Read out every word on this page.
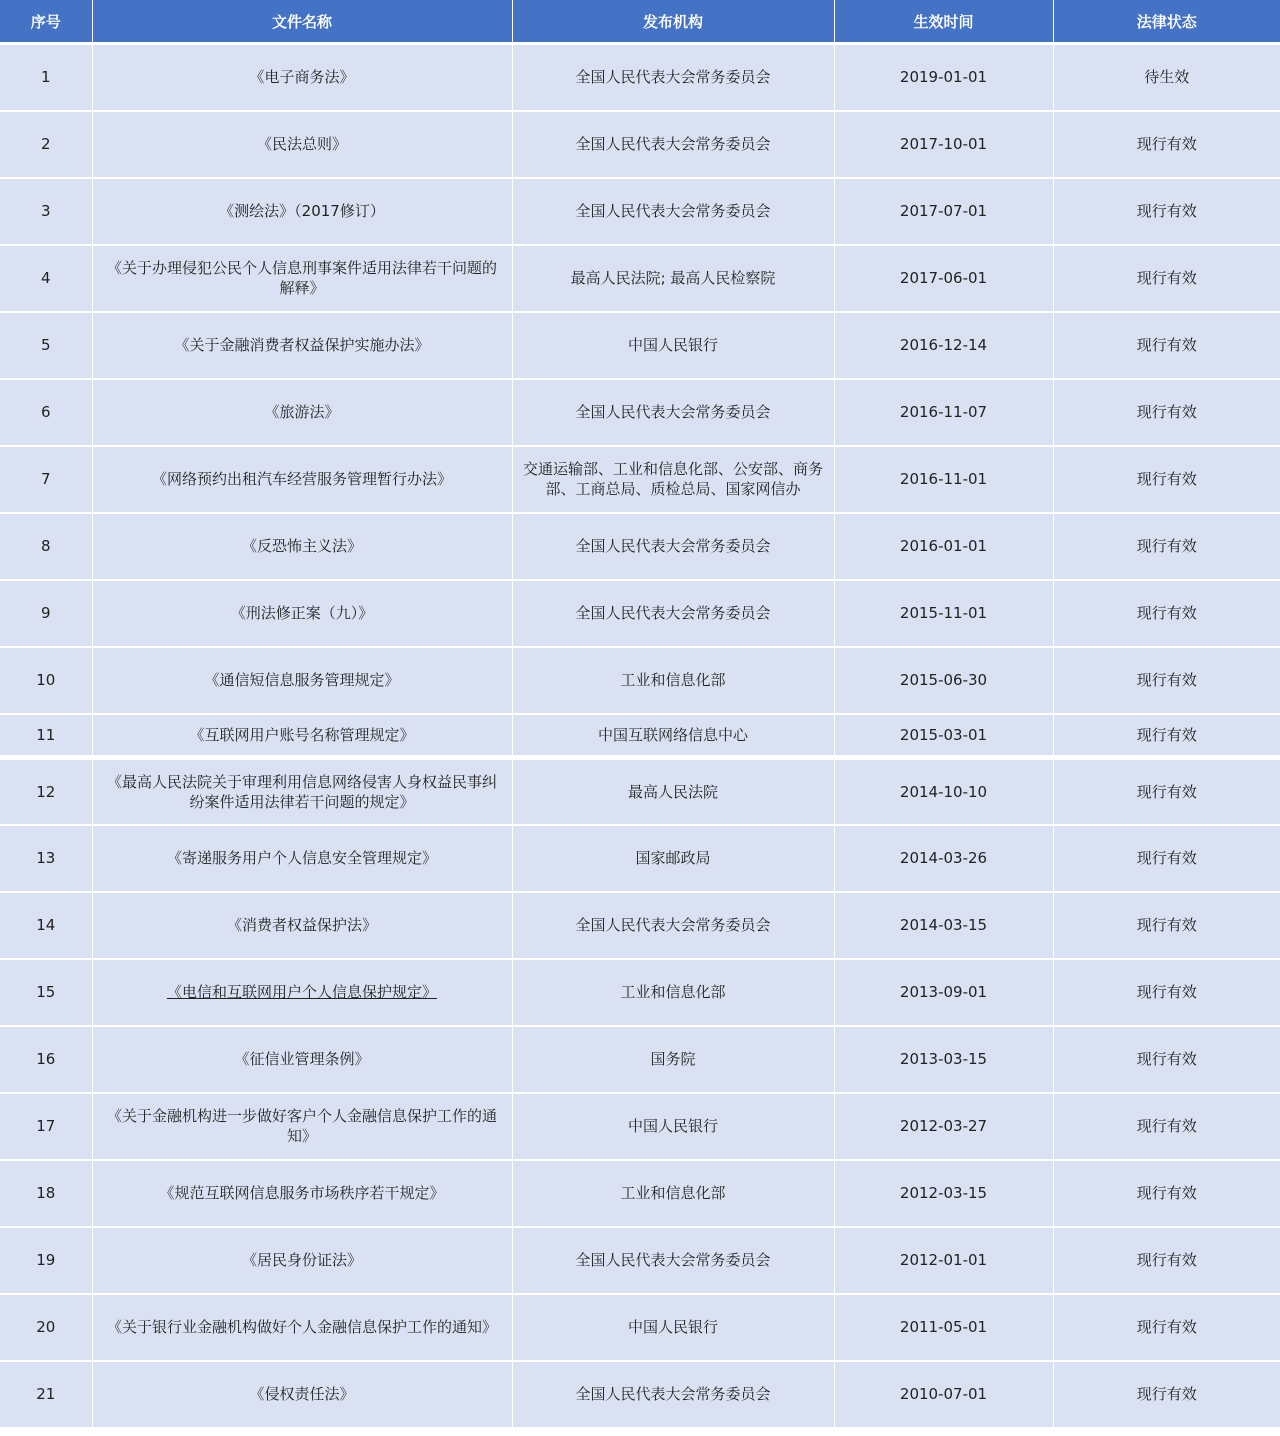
序号	文件名称	发布机构	生效时间	法律状态
1	《电子商务法》	全国人民代表大会常务委员会	2019-01-01	待生效
2	《民法总则》	全国人民代表大会常务委员会	2017-10-01	现行有效
3	《测绘法》（2017修订）	全国人民代表大会常务委员会	2017-07-01	现行有效
4	《关于办理侵犯公民个人信息刑事案件适用法律若干问题的解释》	最高人民法院; 最高人民检察院	2017-06-01	现行有效
5	《关于金融消费者权益保护实施办法》	中国人民银行	2016-12-14	现行有效
6	《旅游法》	全国人民代表大会常务委员会	2016-11-07	现行有效
7	《网络预约出租汽车经营服务管理暂行办法》	交通运输部、工业和信息化部、公安部、商务部、工商总局、质检总局、国家网信办	2016-11-01	现行有效
8	《反恐怖主义法》	全国人民代表大会常务委员会	2016-01-01	现行有效
9	《刑法修正案（九）》	全国人民代表大会常务委员会	2015-11-01	现行有效
10	《通信短信息服务管理规定》	工业和信息化部	2015-06-30	现行有效
11	《互联网用户账号名称管理规定》	中国互联网络信息中心	2015-03-01	现行有效
12	《最高人民法院关于审理利用信息网络侵害人身权益民事纠纷案件适用法律若干问题的规定》	最高人民法院	2014-10-10	现行有效
13	《寄递服务用户个人信息安全管理规定》	国家邮政局	2014-03-26	现行有效
14	《消费者权益保护法》	全国人民代表大会常务委员会	2014-03-15	现行有效
15	《电信和互联网用户个人信息保护规定》	工业和信息化部	2013-09-01	现行有效
16	《征信业管理条例》	国务院	2013-03-15	现行有效
17	《关于金融机构进一步做好客户个人金融信息保护工作的通知》	中国人民银行	2012-03-27	现行有效
18	《规范互联网信息服务市场秩序若干规定》	工业和信息化部	2012-03-15	现行有效
19	《居民身份证法》	全国人民代表大会常务委员会	2012-01-01	现行有效
20	《关于银行业金融机构做好个人金融信息保护工作的通知》	中国人民银行	2011-05-01	现行有效
21	《侵权责任法》	全国人民代表大会常务委员会	2010-07-01	现行有效
